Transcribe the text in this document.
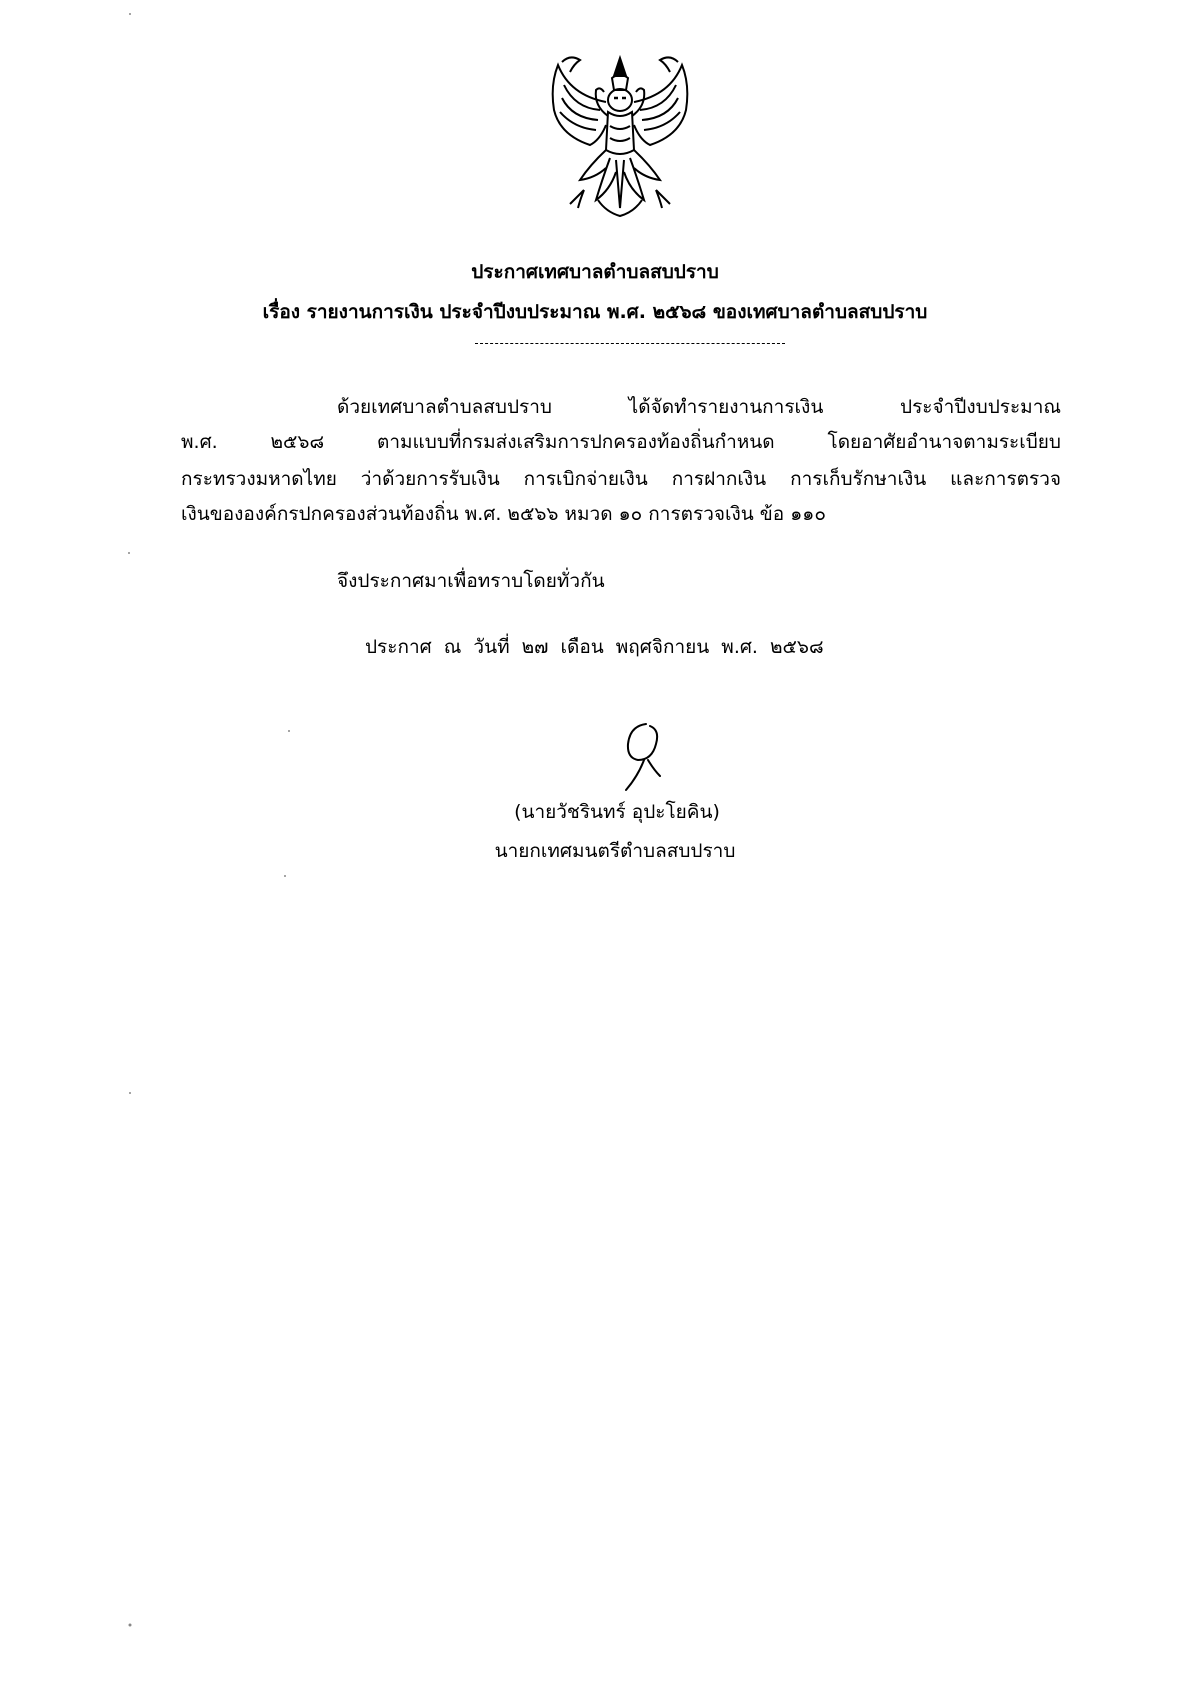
ประกาศเทศบาลตำบลสบปราบ
เรื่อง รายงานการเงิน ประจำปีงบประมาณ พ.ศ. ๒๕๖๘ ของเทศบาลตำบลสบปราบ
ด้วยเทศบาลตำบลสบปราบ ได้จัดทำรายงานการเงิน ประจำปีงบประมาณ
พ.ศ. ๒๕๖๘ ตามแบบที่กรมส่งเสริมการปกครองท้องถิ่นกำหนด โดยอาศัยอำนาจตามระเบียบ
กระทรวงมหาดไทย ว่าด้วยการรับเงิน การเบิกจ่ายเงิน การฝากเงิน การเก็บรักษาเงิน และการตรวจ
เงินขององค์กรปกครองส่วนท้องถิ่น พ.ศ. ๒๕๖๖ หมวด ๑๐ การตรวจเงิน ข้อ ๑๑๐
จึงประกาศมาเพื่อทราบโดยทั่วกัน
ประกาศ ณ วันที่ ๒๗ เดือน พฤศจิกายน พ.ศ. ๒๕๖๘
(นายวัชรินทร์ อุปะโยคิน)
นายกเทศมนตรีตำบลสบปราบ
